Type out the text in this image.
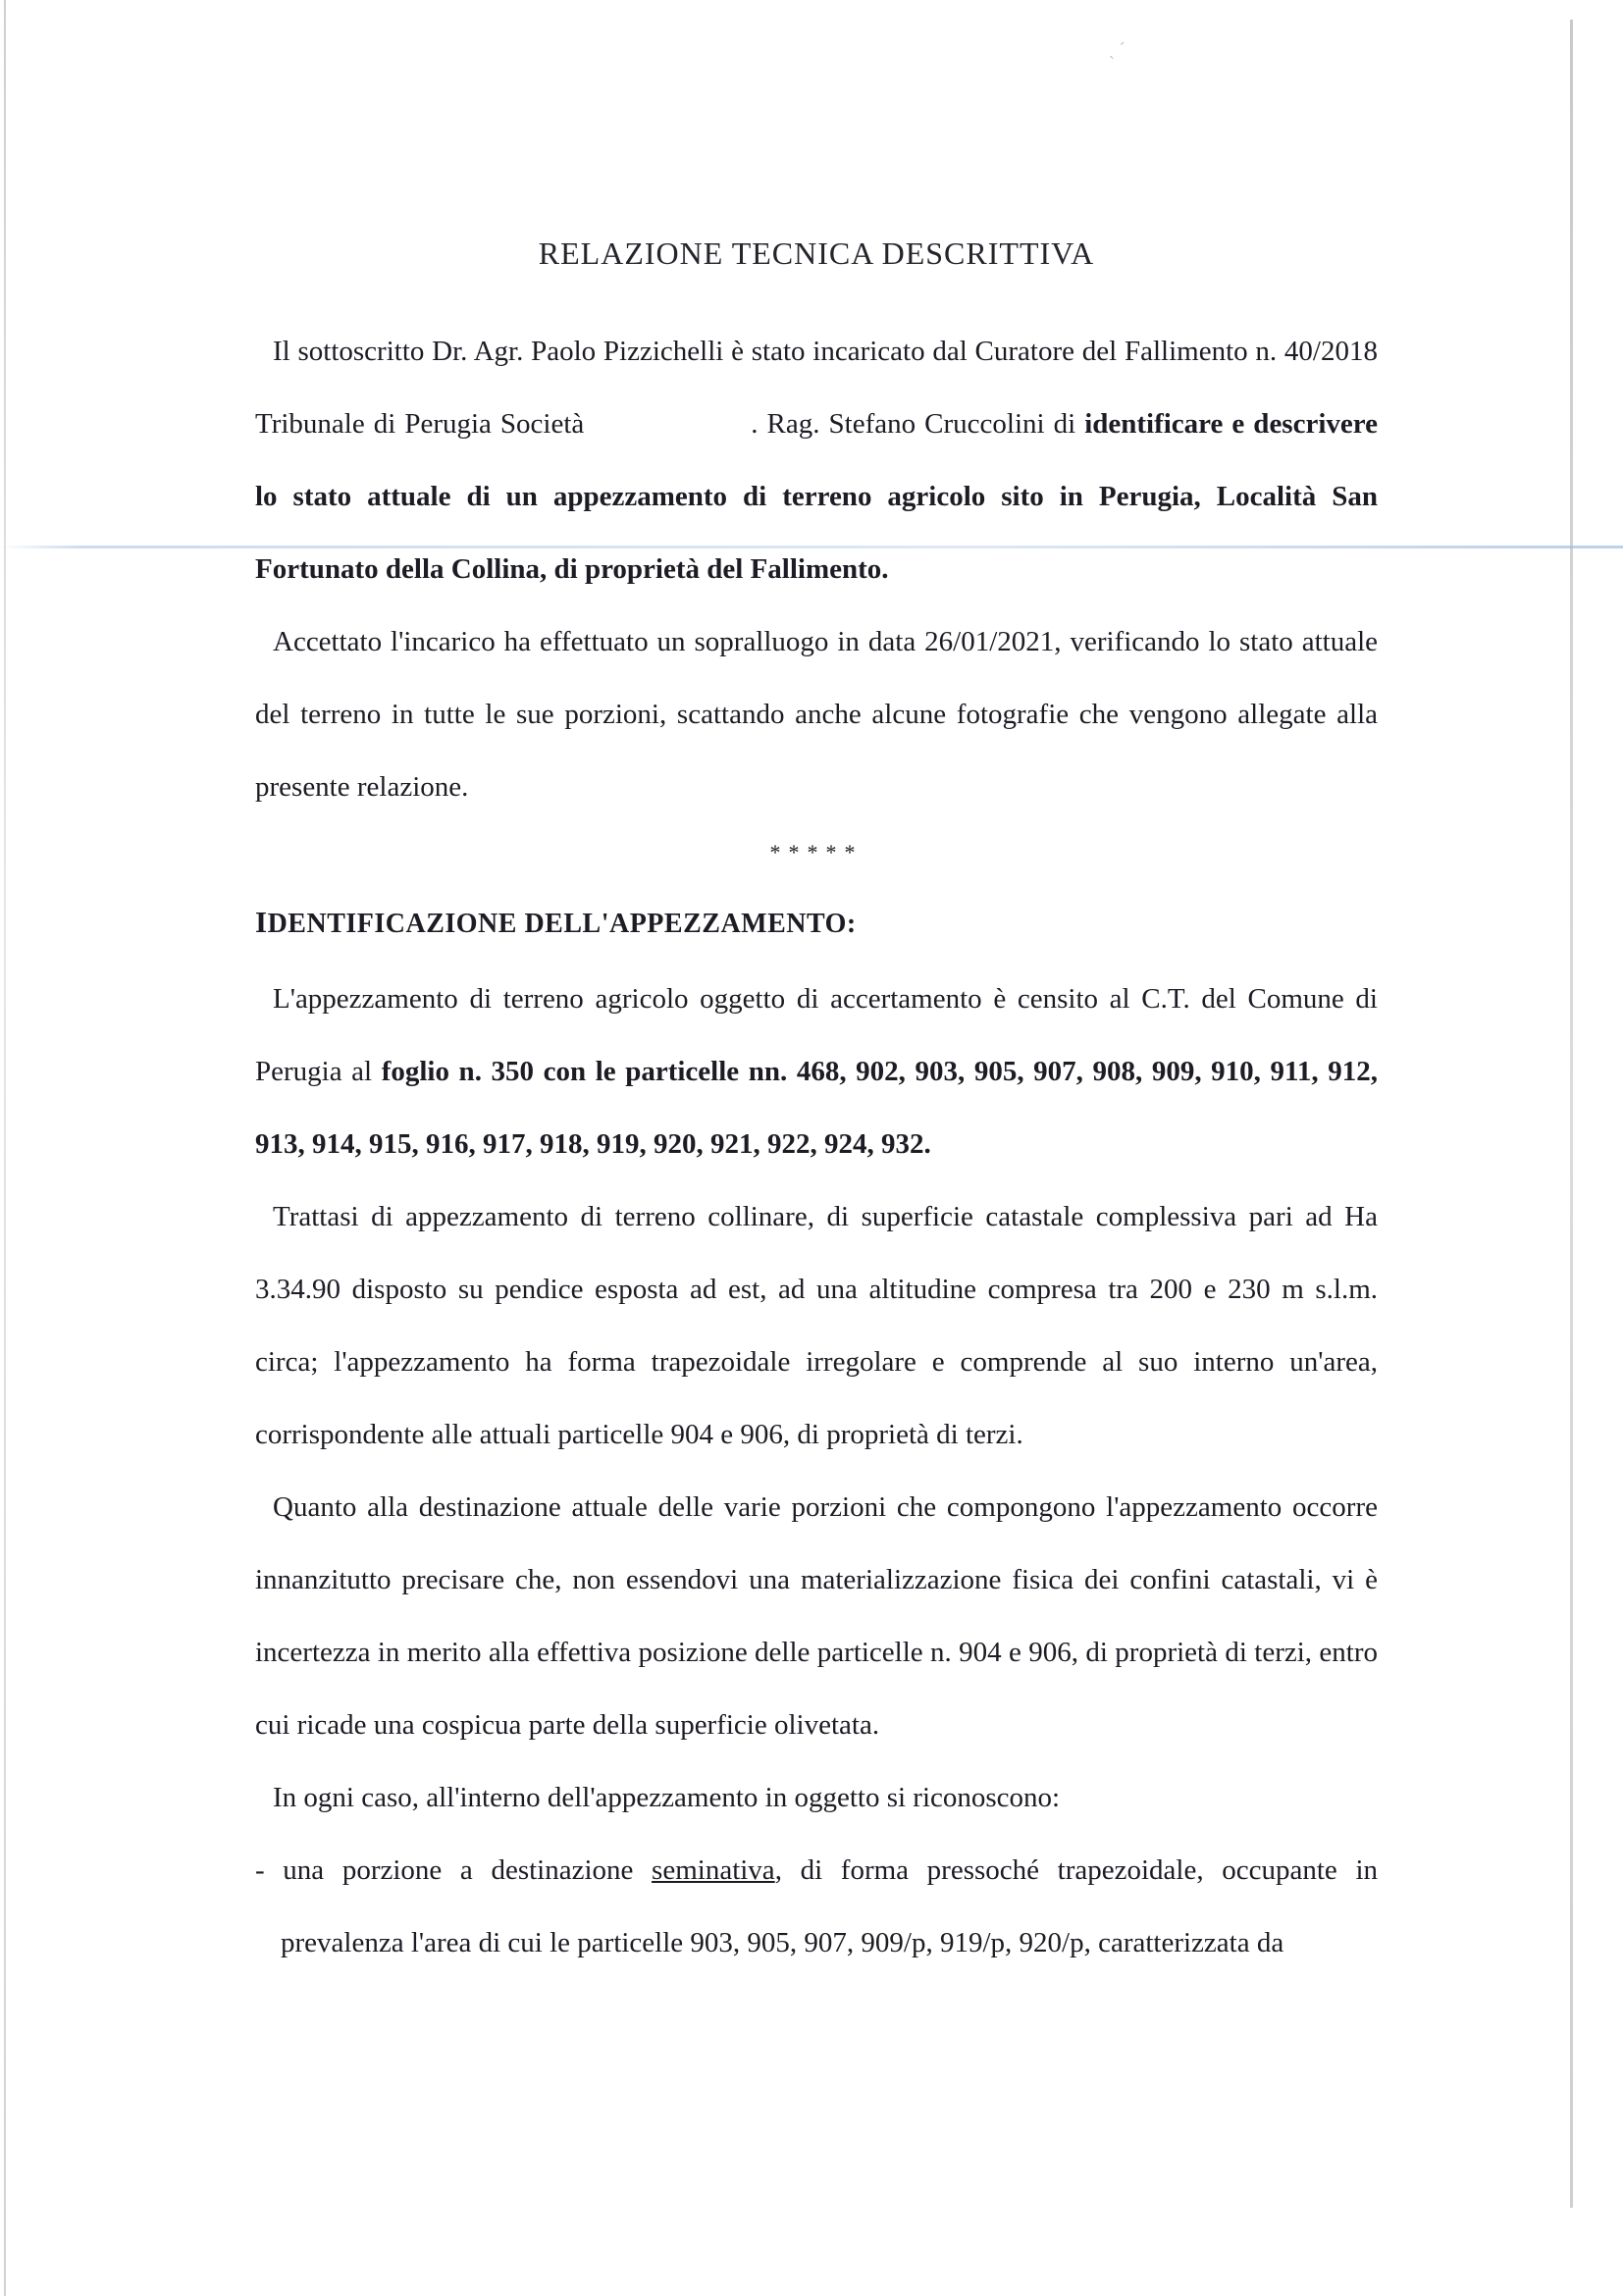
ˎ ˊ
RELAZIONE TECNICA DESCRITTIVA

Il sottoscritto Dr. Agr. Paolo Pizzichelli è stato incaricato dal Curatore del Fallimento n. 40/2018 Tribunale di Perugia Società	. Rag. Stefano Cruccolini di identificare e descrivere lo stato attuale di un appezzamento di terreno agricolo sito in Perugia, Località San Fortunato della Collina, di proprietà del Fallimento.

Accettato l'incarico ha effettuato un sopralluogo in data 26/01/2021, verificando lo stato attuale del terreno in tutte le sue porzioni, scattando anche alcune fotografie che vengono allegate alla presente relazione.

*****
IDENTIFICAZIONE DELL'APPEZZAMENTO:

L'appezzamento di terreno agricolo oggetto di accertamento è censito al C.T. del Comune di Perugia al foglio n. 350 con le particelle nn. 468, 902, 903, 905, 907, 908, 909, 910, 911, 912, 913, 914, 915, 916, 917, 918, 919, 920, 921, 922, 924, 932.

Trattasi di appezzamento di terreno collinare, di superficie catastale complessiva pari ad Ha 3.34.90 disposto su pendice esposta ad est, ad una altitudine compresa tra 200 e 230 m s.l.m. circa; l'appezzamento ha forma trapezoidale irregolare e comprende al suo interno un'area, corrispondente alle attuali particelle 904 e 906, di proprietà di terzi.

Quanto alla destinazione attuale delle varie porzioni che compongono l'appezzamento occorre innanzitutto precisare che, non essendovi una materializzazione fisica dei confini catastali, vi è incertezza in merito alla effettiva posizione delle particelle n. 904 e 906, di proprietà di terzi, entro cui ricade una cospicua parte della superficie olivetata.

In ogni caso, all'interno dell'appezzamento in oggetto si riconoscono:

- una porzione a destinazione seminativa, di forma pressoché trapezoidale, occupante in prevalenza l'area di cui le particelle 903, 905, 907, 909/p, 919/p, 920/p, caratterizzata da
